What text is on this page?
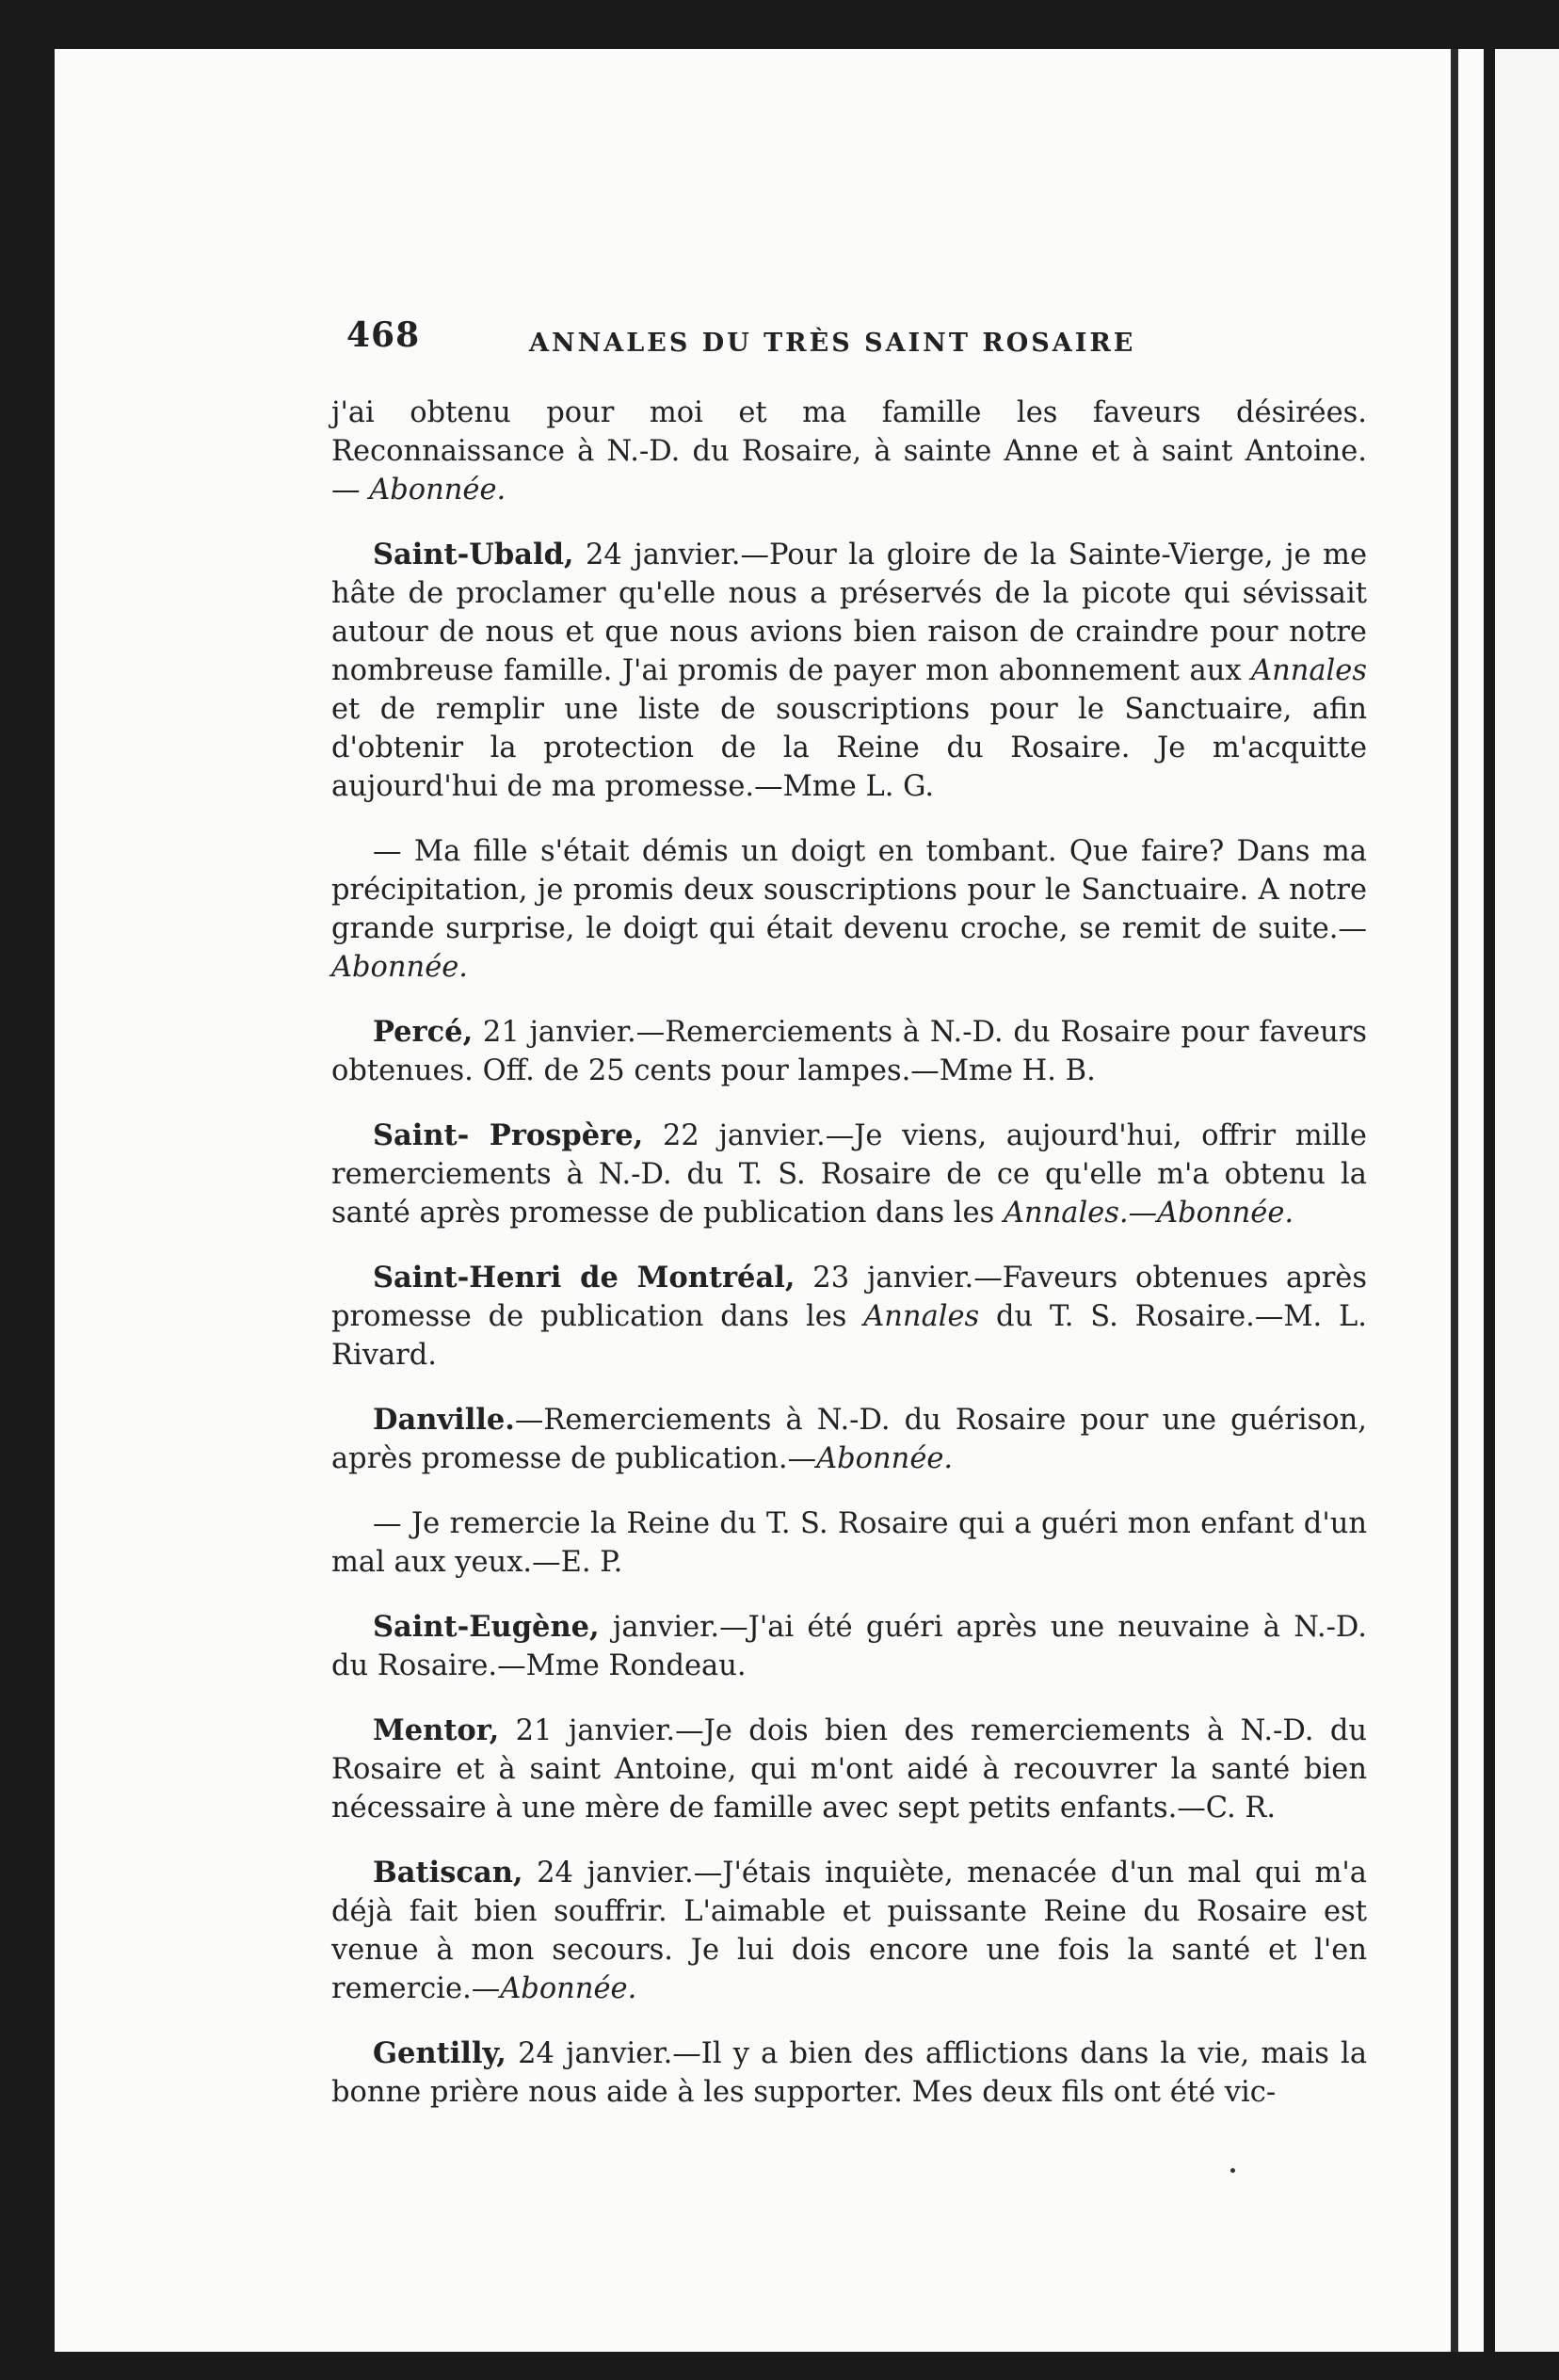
468	ANNALES DU TRÈS SAINT ROSAIRE

j'ai obtenu pour moi et ma famille les faveurs désirées. Reconnaissance à N.-D. du Rosaire, à sainte Anne et à saint Antoine. — Abonnée.

Saint-Ubald, 24 janvier.—Pour la gloire de la Sainte-Vierge, je me hâte de proclamer qu'elle nous a préservés de la picote qui sévissait autour de nous et que nous avions bien raison de craindre pour notre nombreuse famille. J'ai promis de payer mon abonnement aux Annales et de remplir une liste de souscriptions pour le Sanctuaire, afin d'obtenir la protection de la Reine du Rosaire. Je m'acquitte aujourd'hui de ma promesse.—Mme L. G.

— Ma fille s'était démis un doigt en tombant. Que faire? Dans ma précipitation, je promis deux souscriptions pour le Sanctuaire. A notre grande surprise, le doigt qui était devenu croche, se remit de suite.—Abonnée.

Percé, 21 janvier.—Remerciements à N.-D. du Rosaire pour faveurs obtenues. Off. de 25 cents pour lampes.—Mme H. B.

Saint- Prospère, 22 janvier.—Je viens, aujourd'hui, offrir mille remerciements à N.-D. du T. S. Rosaire de ce qu'elle m'a obtenu la santé après promesse de publication dans les Annales.—Abonnée.

Saint-Henri de Montréal, 23 janvier.—Faveurs obtenues après promesse de publication dans les Annales du T. S. Rosaire.—M. L. Rivard.

Danville.—Remerciements à N.-D. du Rosaire pour une guérison, après promesse de publication.—Abonnée.

— Je remercie la Reine du T. S. Rosaire qui a guéri mon enfant d'un mal aux yeux.—E. P.

Saint-Eugène, janvier.—J'ai été guéri après une neuvaine à N.-D. du Rosaire.—Mme Rondeau.

Mentor, 21 janvier.—Je dois bien des remerciements à N.-D. du Rosaire et à saint Antoine, qui m'ont aidé à recouvrer la santé bien nécessaire à une mère de famille avec sept petits enfants.—C. R.

Batiscan, 24 janvier.—J'étais inquiète, menacée d'un mal qui m'a déjà fait bien souffrir. L'aimable et puissante Reine du Rosaire est venue à mon secours. Je lui dois encore une fois la santé et l'en remercie.—Abonnée.

Gentilly, 24 janvier.—Il y a bien des afflictions dans la vie, mais la bonne prière nous aide à les supporter. Mes deux fils ont été vic-
